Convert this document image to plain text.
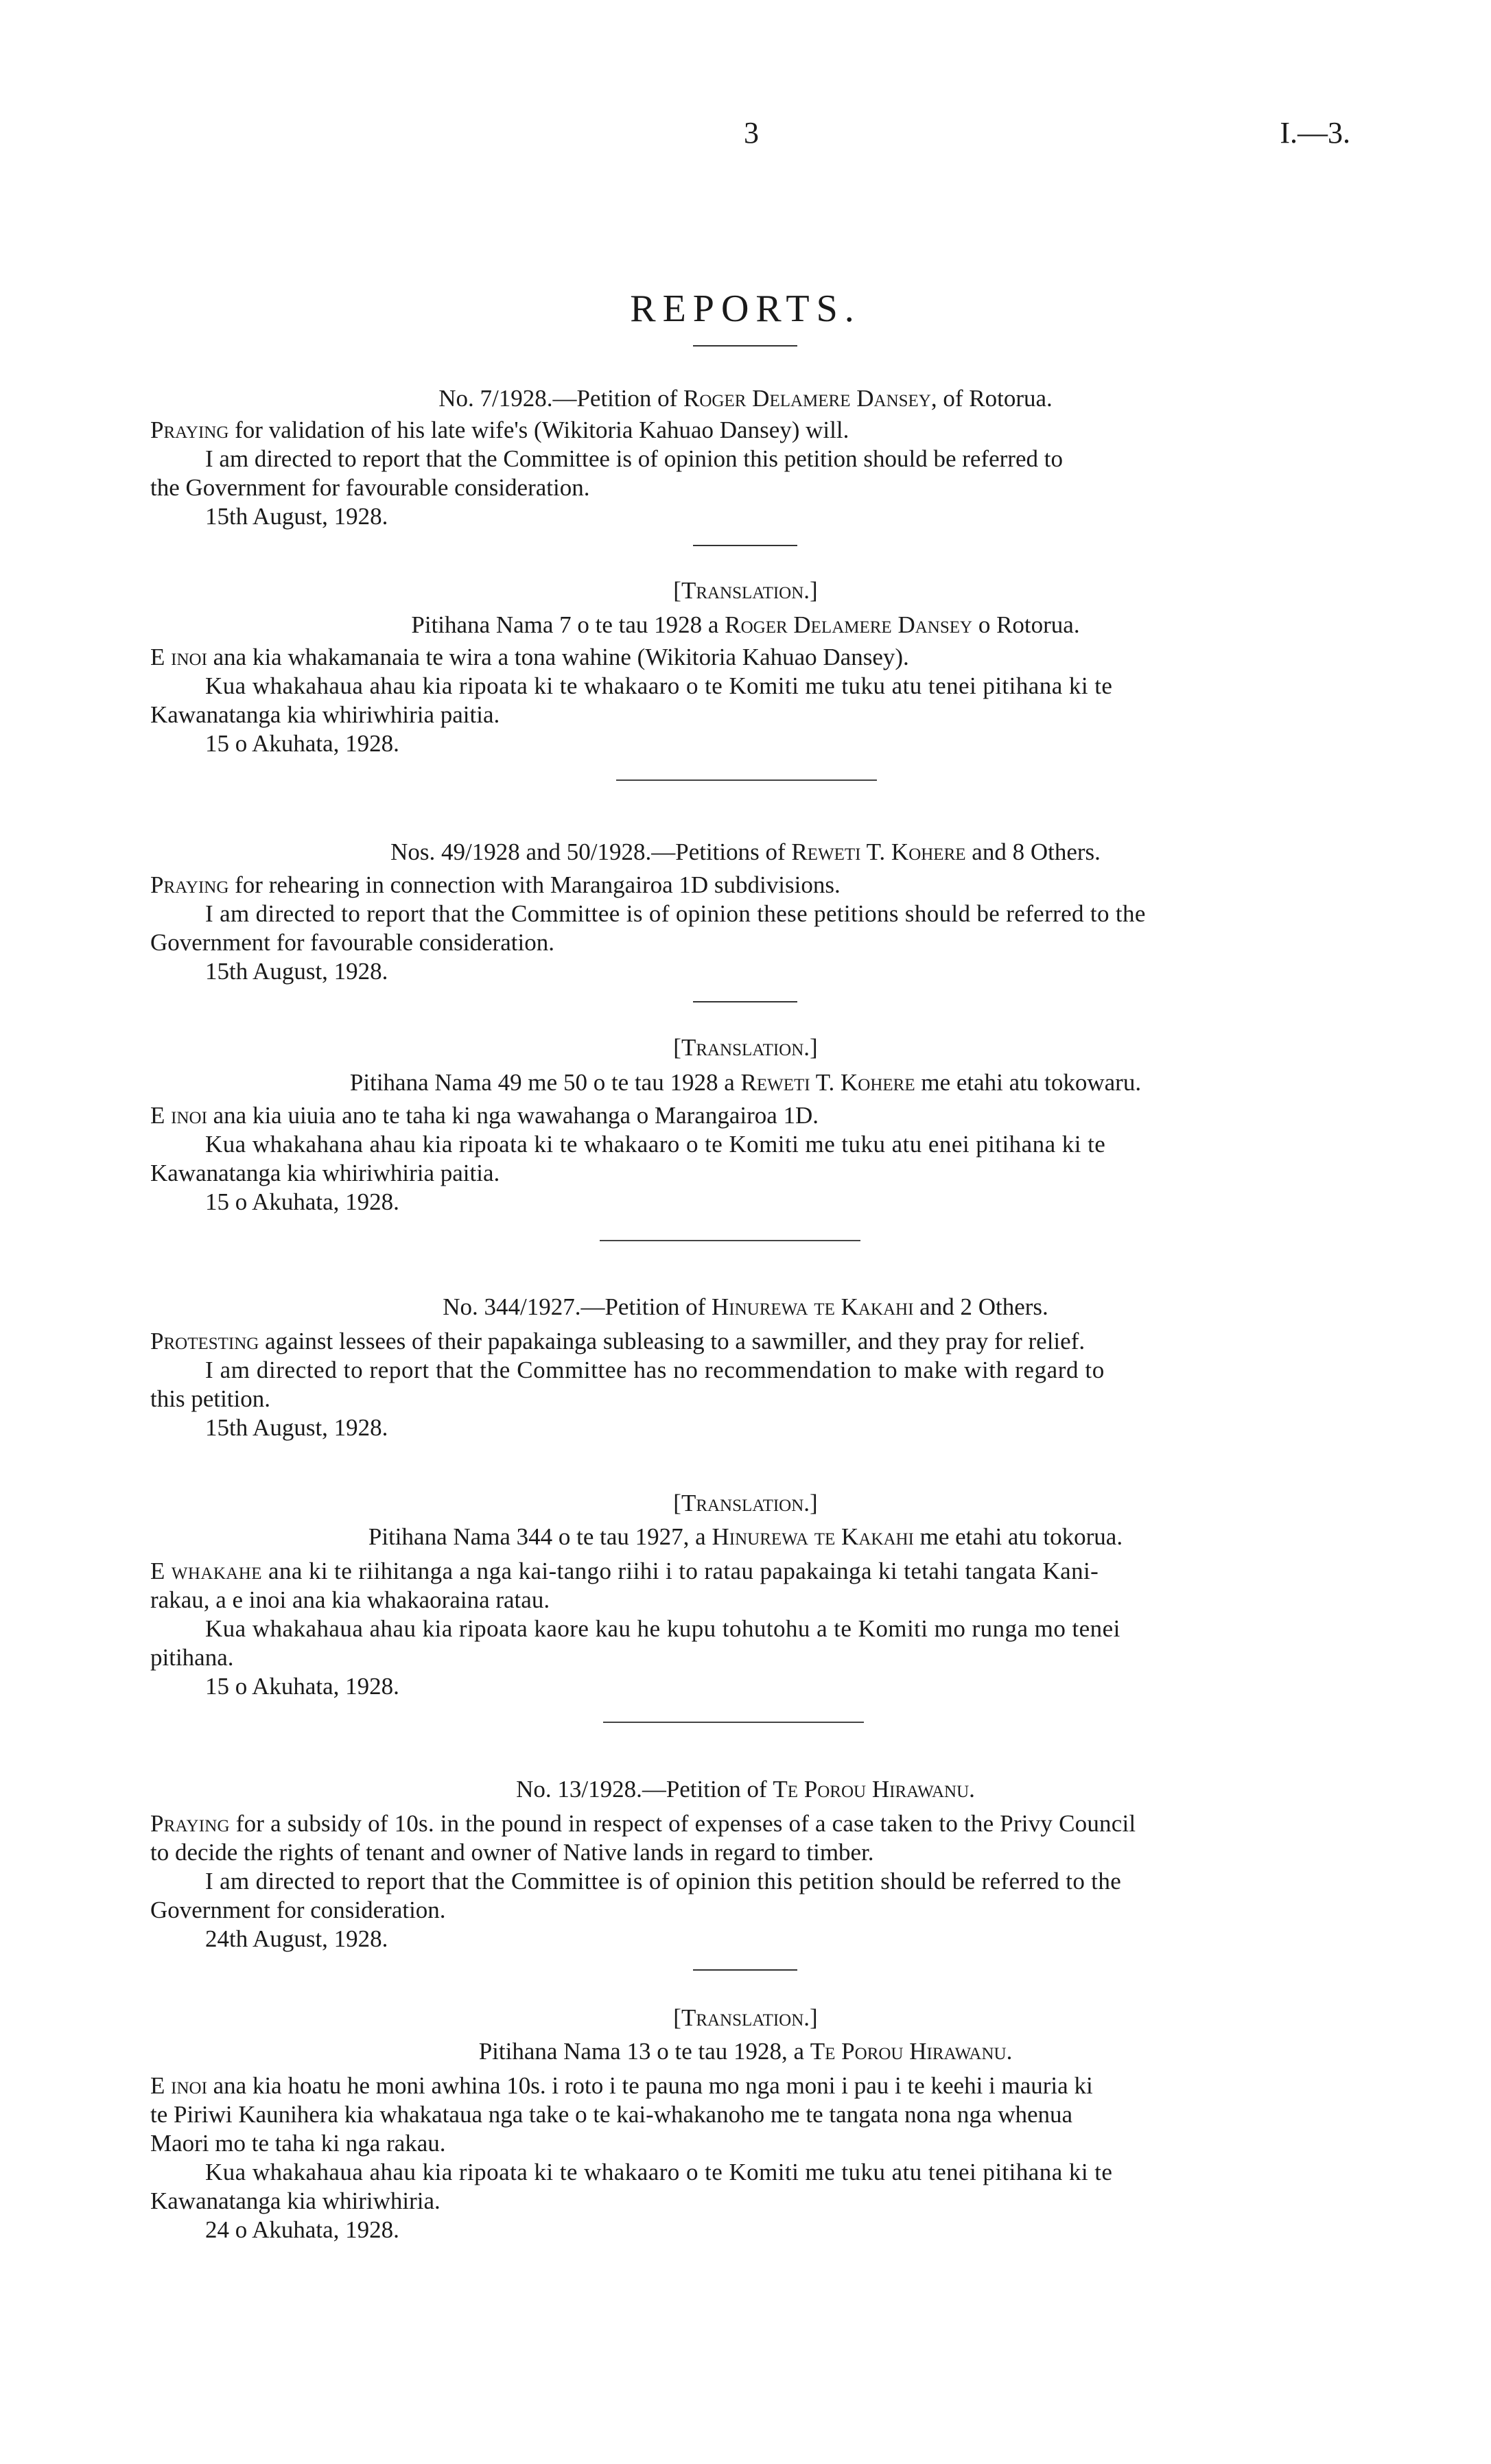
3	I.—3.
REPORTS.
No. 7/1928.—Petition of Roger Delamere Dansey, of Rotorua.
Praying for validation of his late wife's (Wikitoria Kahuao Dansey) will.
I am directed to report that the Committee is of opinion this petition should be referred to
the Government for favourable consideration.
15th August, 1928.
[Translation.]
Pitihana Nama 7 o te tau 1928 a Roger Delamere Dansey o Rotorua.
E inoi ana kia whakamanaia te wira a tona wahine (Wikitoria Kahuao Dansey).
Kua whakahaua ahau kia ripoata ki te whakaaro o te Komiti me tuku atu tenei pitihana ki te
Kawanatanga kia whiriwhiria paitia.
15 o Akuhata, 1928.
Nos. 49/1928 and 50/1928.—Petitions of Reweti T. Kohere and 8 Others.
Praying for rehearing in connection with Marangairoa 1D subdivisions.
I am directed to report that the Committee is of opinion these petitions should be referred to the
Government for favourable consideration.
15th August, 1928.
[Translation.]
Pitihana Nama 49 me 50 o te tau 1928 a Reweti T. Kohere me etahi atu tokowaru.
E inoi ana kia uiuia ano te taha ki nga wawahanga o Marangairoa 1D.
Kua whakahana ahau kia ripoata ki te whakaaro o te Komiti me tuku atu enei pitihana ki te
Kawanatanga kia whiriwhiria paitia.
15 o Akuhata, 1928.
No. 344/1927.—Petition of Hinurewa te Kakahi and 2 Others.
Protesting against lessees of their papakainga subleasing to a sawmiller, and they pray for relief.
I am directed to report that the Committee has no recommendation to make with regard to
this petition.
15th August, 1928.
[Translation.]
Pitihana Nama 344 o te tau 1927, a Hinurewa te Kakahi me etahi atu tokorua.
E whakahe ana ki te riihitanga a nga kai-tango riihi i to ratau papakainga ki tetahi tangata Kani-
rakau, a e inoi ana kia whakaoraina ratau.
Kua whakahaua ahau kia ripoata kaore kau he kupu tohutohu a te Komiti mo runga mo tenei
pitihana.
15 o Akuhata, 1928.
No. 13/1928.—Petition of Te Porou Hirawanu.
Praying for a subsidy of 10s. in the pound in respect of expenses of a case taken to the Privy Council
to decide the rights of tenant and owner of Native lands in regard to timber.
I am directed to report that the Committee is of opinion this petition should be referred to the
Government for consideration.
24th August, 1928.
[Translation.]
Pitihana Nama 13 o te tau 1928, a Te Porou Hirawanu.
E inoi ana kia hoatu he moni awhina 10s. i roto i te pauna mo nga moni i pau i te keehi i mauria ki
te Piriwi Kaunihera kia whakataua nga take o te kai-whakanoho me te tangata nona nga whenua
Maori mo te taha ki nga rakau.
Kua whakahaua ahau kia ripoata ki te whakaaro o te Komiti me tuku atu tenei pitihana ki te
Kawanatanga kia whiriwhiria.
24 o Akuhata, 1928.
